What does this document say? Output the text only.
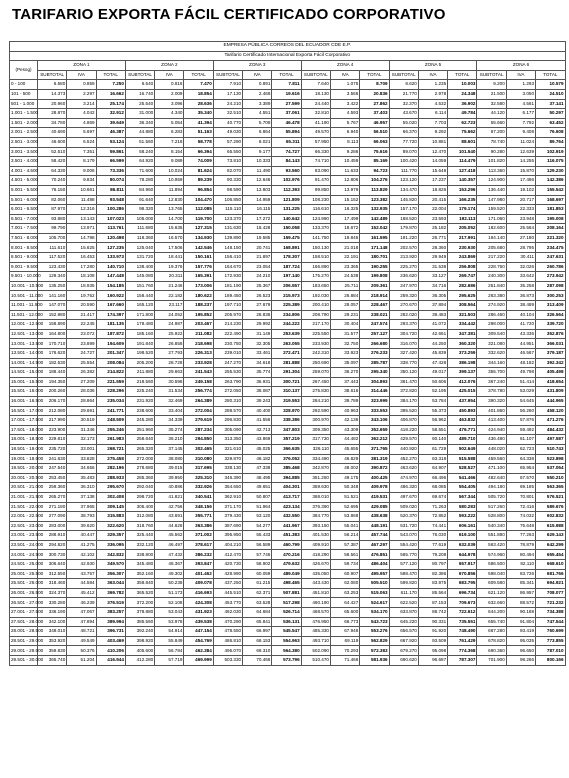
TARIFARIO EXPORTA FÁCIL CERTIFICADO CORPORATIVO
EMPRESA PÚBLICA CORREOS DEL ECUADOR CDE E.P.																		
Tarifario Certificado Internacional Exporta Fácil Corporativo																		
(Pesog)	ZONA 1			ZONA 2			ZONA 3			ZONA 4			ZONA 5			ZONA 6		
	SUBTOTAL	IVA	TOTAL	SUBTOTAL	IVA	TOTAL	SUBTOTAL	IVA	TOTAL	SUBTOTAL	IVA	TOTAL	SUBTOTAL	IVA	TOTAL	SUBTOTAL	IVA	TOTAL
0 - 100	6.580	0.859	7.250	6.540	0.816	7.470	7.910	0.891	7.811	7.640	1.075	8.709	8.620	1.235	10.003	9.200	1.293	10.579
101 - 500	14.373	2.297	16.662	16.740	2.009	18.854	17.130	2.468	19.616	18.130	3.566	20.836	21.770	2.978	24.348	21.500	3.050	24.510
501 - 1.000	20.960	3.214	25.174	25.540	3.096	28.636	24.210	3.389	27.599	24.440	3.422	27.862	32.370	4.532	36.902	32.580	4.561	37.141
1.001 - 1.500	28.870	4.042	32.912	31.000	4.340	35.340	32.510	4.551	37.061	32.810	4.593	37.403	43.670	6.114	49.784	44.120	6.177	50.297
1.501 - 2.000	34.780	4.869	39.649	36.340	5.054	41.394	40.770	5.708	46.478	41.190	5.767	46.957	55.020	7.703	62.723	55.660	7.792	63.452
2.001 - 2.500	40.690	5.697	46.387	44.880	6.283	51.163	49.030	6.864	55.894	49.570	6.940	56.510	66.370	9.292	75.662	67.200	9.408	76.608
2.501 - 3.000	46.600	6.524	53.124	51.560	7.218	58.778	57.290	8.021	65.311	57.950	8.113	66.063	77.720	10.881	88.601	78.740	11.024	89.764
3.001 - 3.500	52.510	7.351	59.861	58.240	8.154	66.394	65.550	9.177	74.727	66.330	9.286	75.616	89.070	12.470	101.540	90.280	12.639	102.919
3.501 - 4.000	58.420	8.179	66.599	64.920	9.089	74.009	73.810	10.333	84.143	74.710	10.459	85.169	100.420	14.059	114.479	101.820	14.255	116.075
4.001 - 4.500	64.330	9.006	73.336	71.600	10.024	81.624	82.070	11.490	93.560	83.090	11.633	94.723	111.770	15.648	127.418	113.360	15.870	129.230
4.501 - 5.000	70.240	9.834	80.074	78.280	10.959	89.239	90.330	12.646	102.976	91.470	12.806	104.276	123.120	17.237	140.357	124.900	17.486	142.386
5.001 - 5.500	76.150	10.661	86.811	84.960	11.894	96.854	98.590	13.803	112.393	99.850	13.979	113.829	134.470	18.826	153.296	136.440	19.102	155.542
5.501 - 6.000	82.060	11.488	93.548	91.640	12.830	104.470	106.850	14.959	121.809	108.230	15.152	123.382	145.820	20.415	166.235	147.980	20.717	168.697
6.001 - 6.500	87.970	12.316	100.286	98.320	13.765	112.085	115.110	16.115	131.225	116.610	16.325	132.935	157.170	22.004	179.174	159.520	22.333	181.853
6.501 - 7.000	93.880	13.143	107.023	105.000	14.700	119.700	123.370	17.272	140.642	124.990	17.499	142.489	168.520	23.593	192.113	171.060	23.948	195.008
7.001 - 7.500	99.790	13.971	113.761	111.680	15.635	127.315	131.630	18.428	150.058	133.370	18.672	152.042	179.870	25.182	205.052	182.600	25.564	208.164
7.501 - 8.000	105.700	14.798	120.498	118.360	16.570	134.930	139.890	19.585	159.475	141.750	19.845	161.595	191.220	26.771	217.991	194.140	27.180	221.320
8.001 - 8.500	111.610	15.625	127.235	125.040	17.506	142.546	148.150	20.741	168.891	150.130	21.018	171.148	202.570	28.360	230.930	205.680	28.795	234.475
8.501 - 9.000	117.520	16.453	133.973	131.720	18.441	150.161	156.410	21.897	178.307	158.510	22.191	180.701	213.920	29.949	243.869	217.220	30.411	247.631
9.001 - 9.500	123.430	17.280	140.710	138.400	19.376	157.776	164.670	23.054	187.724	166.890	23.365	190.255	225.270	31.538	256.808	228.760	32.026	260.786
9.501 - 10.000	129.340	18.108	147.448	145.080	20.311	165.391	172.930	24.210	197.140	175.270	24.538	199.808	236.620	33.127	269.747	240.300	33.642	273.942
10.001 - 10.500	135.250	18.935	154.185	151.760	21.246	173.006	181.190	25.367	206.557	183.650	25.711	209.361	247.970	34.716	282.686	251.840	35.258	287.098
10.501 - 11.000	141.160	19.762	160.922	158.440	22.182	180.622	189.450	26.523	215.973	192.030	26.884	218.914	259.320	36.305	295.625	263.380	36.873	300.253
11.001 - 11.500	147.070	20.590	167.660	165.120	23.117	188.237	197.710	27.679	225.389	200.410	28.057	228.467	270.670	37.894	308.564	274.920	38.489	313.409
11.501 - 12.000	152.980	21.417	174.397	171.800	24.052	195.852	205.970	28.836	234.806	208.790	29.231	238.021	282.020	39.483	321.503	286.460	40.104	326.564
12.001 - 12.500	158.890	22.245	181.135	178.480	24.987	203.467	214.230	29.992	244.222	217.170	30.404	247.574	293.370	41.072	334.442	298.000	41.720	339.720
12.501 - 13.000	164.800	23.072	187.872	185.160	25.922	211.082	222.490	31.149	253.639	225.550	31.577	257.127	304.720	42.661	347.381	309.540	43.336	352.876
13.001 - 13.500	170.710	23.899	194.609	191.840	26.858	218.698	230.750	32.305	263.055	233.930	32.750	266.680	316.070	44.250	360.320	321.080	44.951	366.031
13.501 - 14.000	176.620	24.727	201.347	198.520	27.793	226.313	239.010	33.461	272.471	242.310	33.923	276.233	327.420	45.839	373.259	332.620	46.567	379.187
14.001 - 14.500	182.530	25.554	208.084	205.200	28.728	233.928	247.270	34.618	281.888	250.690	35.097	285.787	338.770	47.428	386.198	344.160	48.182	392.342
14.501 - 15.000	188.440	26.382	214.822	211.880	29.663	241.543	255.530	35.774	291.304	259.070	36.270	295.340	350.120	49.017	399.137	355.700	49.798	405.498
15.001 - 15.500	194.350	27.209	221.559	218.560	30.598	249.158	263.790	36.931	300.721	267.450	37.443	304.893	361.470	50.606	412.076	367.240	51.414	418.654
15.501 - 16.000	200.260	28.036	228.296	225.240	31.534	256.774	272.050	38.087	310.137	275.830	38.616	314.446	372.820	52.195	425.015	378.780	53.029	431.809
16.001 - 16.500	206.170	28.864	235.034	231.920	32.469	264.389	280.310	39.243	319.553	284.210	39.789	323.999	384.170	53.784	437.954	390.320	54.645	444.965
16.501 - 17.000	212.080	29.691	241.771	238.600	33.404	272.004	288.570	40.400	328.970	292.590	40.963	333.553	395.520	55.373	450.893	401.860	56.260	458.120
17.001 - 17.500	217.990	30.519	248.509	245.280	34.339	279.619	296.830	41.556	338.386	300.970	42.136	343.106	406.870	56.962	463.832	413.400	57.876	471.276
17.501 - 18.000	223.900	31.346	255.246	251.960	35.274	287.234	305.090	42.713	347.803	309.350	43.309	352.659	418.220	58.551	476.771	424.940	59.492	484.432
18.001 - 18.500	229.810	32.173	261.983	258.640	36.210	294.850	313.350	43.869	357.219	317.730	44.482	362.212	429.570	60.140	489.710	436.480	61.107	497.587
18.501 - 19.000	235.720	33.001	268.721	265.320	37.145	302.465	321.610	45.025	366.635	326.110	45.655	371.765	440.920	61.729	502.649	448.020	62.723	510.743
19.001 - 19.500	241.630	33.828	275.458	272.000	38.080	310.080	329.870	46.182	376.052	334.490	46.829	381.319	452.270	63.318	515.588	459.560	64.338	523.898
19.501 - 20.000	247.540	34.656	282.196	278.680	39.015	317.695	338.130	47.338	385.468	342.870	48.002	390.872	463.620	64.907	528.527	471.100	65.954	537.054
20.001 - 20.500	253.450	35.483	288.933	285.360	39.950	325.310	346.390	48.495	394.885	351.250	49.175	400.425	474.970	66.496	541.466	482.640	67.570	550.210
20.501 - 21.000	259.360	36.310	295.670	292.040	40.886	332.926	354.650	49.651	404.301	359.630	50.348	409.978	486.320	68.085	554.405	494.180	69.185	563.365
21.001 - 21.500	265.270	37.138	302.408	298.720	41.821	340.541	362.910	50.807	413.717	368.010	51.521	419.531	497.670	69.674	567.344	505.720	70.801	576.521
21.501 - 22.000	271.180	37.965	309.145	305.400	42.756	348.156	371.170	51.964	423.134	376.390	52.695	429.085	509.020	71.263	580.283	517.260	72.416	589.676
22.001 - 22.500	277.090	38.793	315.883	312.080	43.691	355.771	379.430	53.120	432.550	384.770	53.868	438.638	520.370	72.852	593.222	528.800	74.032	602.832
22.501 - 23.000	283.000	39.620	322.620	318.760	44.626	363.386	387.690	54.277	441.967	393.150	55.041	448.191	531.720	74.441	606.161	540.340	75.648	615.988
23.001 - 23.500	288.910	40.447	329.357	325.440	45.562	371.002	395.950	55.433	451.383	401.530	56.214	457.744	543.070	76.030	619.100	551.880	77.263	629.143
23.501 - 24.000	294.820	41.275	336.095	332.120	46.497	378.617	404.210	56.589	460.799	409.910	57.387	467.297	554.420	77.619	632.039	563.420	78.879	642.299
24.001 - 24.500	300.730	42.102	342.832	338.800	47.432	386.232	412.470	57.746	470.216	418.290	58.561	476.851	565.770	79.208	644.978	574.960	80.494	655.454
24.501 - 25.000	306.640	42.930	349.570	345.480	48.367	393.847	420.730	58.902	479.632	426.670	59.734	486.404	577.120	80.797	657.917	586.500	82.110	668.610
25.001 - 25.500	312.550	43.757	356.307	352.160	49.302	401.462	428.990	60.059	489.049	435.050	60.907	495.957	588.470	82.386	670.856	598.040	83.726	681.766
25.501 - 26.000	318.460	44.584	363.044	358.840	50.238	409.078	437.250	61.215	498.465	443.430	62.080	505.510	599.820	83.975	683.795	609.580	85.341	694.921
26.001 - 26.500	324.370	45.412	369.782	365.520	51.173	416.693	445.510	62.371	507.881	451.810	63.253	515.063	611.170	85.564	696.734	621.120	86.957	708.077
26.501 - 27.000	330.280	46.239	376.519	372.200	52.108	424.308	453.770	63.528	517.298	460.190	64.427	524.617	622.520	87.153	709.673	632.660	88.572	721.232
27.001 - 27.500	336.190	47.067	383.257	378.880	53.043	431.923	462.030	64.684	526.714	468.570	65.600	534.170	633.870	88.742	722.612	644.200	90.188	734.388
27.501 - 28.000	342.100	47.894	389.994	385.560	53.978	439.538	470.290	65.841	536.131	476.950	66.773	543.723	645.220	90.331	735.551	655.740	91.804	747.544
28.001 - 28.500	348.010	48.721	396.731	392.240	54.914	447.154	478.550	66.997	545.547	485.330	67.946	553.276	656.570	91.920	748.490	667.280	93.419	760.699
28.501 - 29.000	353.920	49.549	403.469	398.920	55.849	454.769	486.810	68.153	554.963	493.710	69.119	562.829	667.920	93.509	761.429	678.820	95.035	773.855
29.001 - 29.500	359.830	50.376	410.206	405.600	56.784	462.384	495.070	69.310	564.380	502.090	70.293	572.383	679.270	95.098	774.368	690.360	96.650	787.010
29.501 - 30.000	365.740	51.204	416.944	412.280	57.719	469.999	503.330	70.466	573.796	510.470	71.466	581.936	690.620	96.687	787.307	701.900	98.266	800.166
